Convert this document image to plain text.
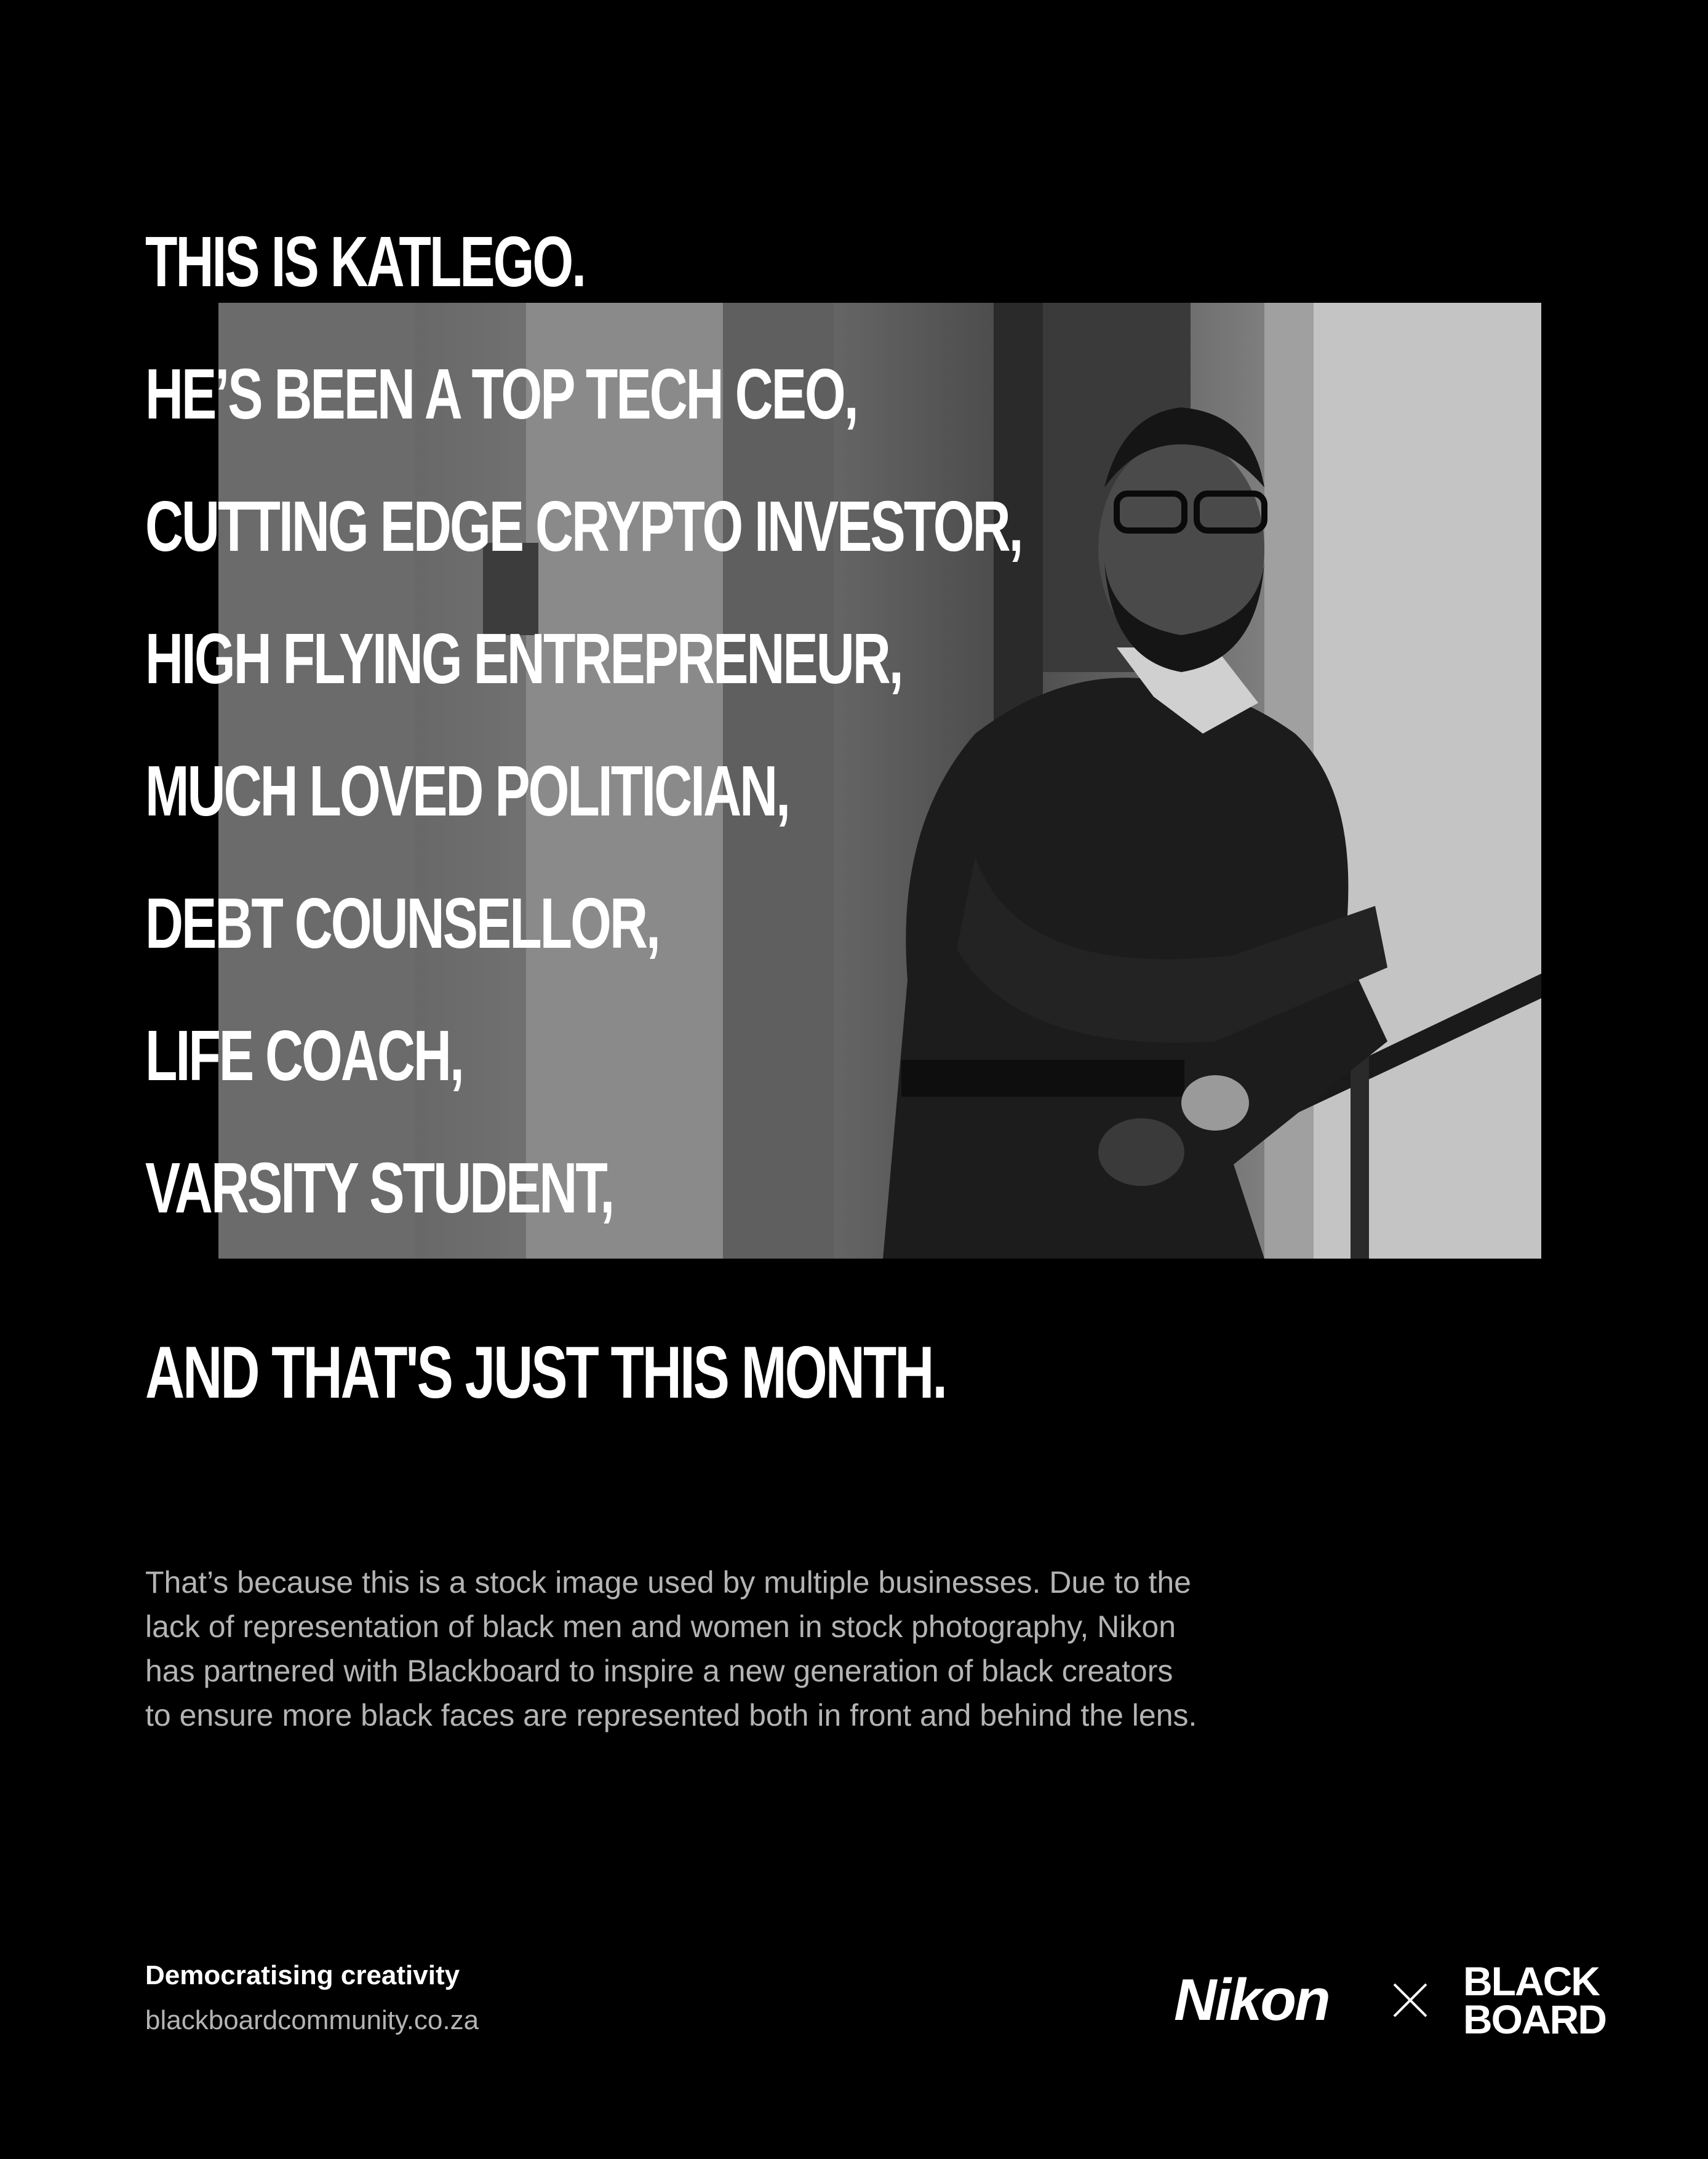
THIS IS KATLEGO.
HE’S BEEN A TOP TECH CEO,
CUTTING EDGE CRYPTO INVESTOR,
HIGH FLYING ENTREPRENEUR,
MUCH LOVED POLITICIAN,
DEBT COUNSELLOR,
LIFE COACH,
VARSITY STUDENT,
AND THAT'S JUST THIS MONTH.

That’s because this is a stock image used by multiple businesses. Due to the lack of representation of black men and women in stock photography, Nikon has partnered with Blackboard to inspire a new generation of black creators to ensure more black faces are represented both in front and behind the lens.

Democratising creativity
blackboardcommunity.co.za	Nikon	BLACK
BOARD
